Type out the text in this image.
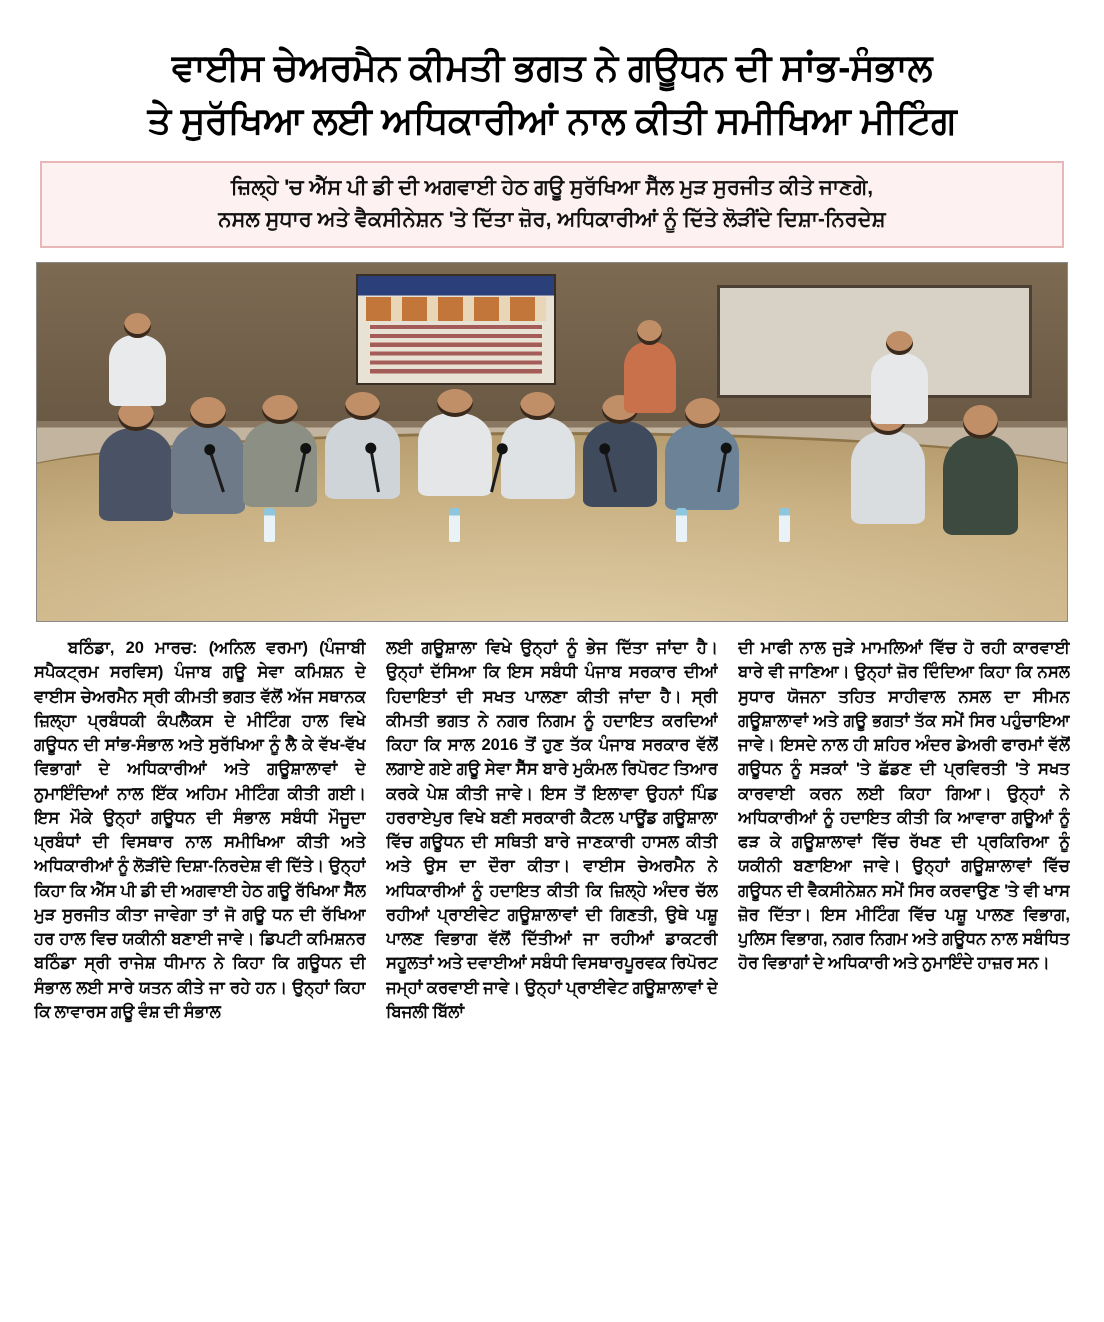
ਵਾਈਸ ਚੇਅਰਮੈਨ ਕੀਮਤੀ ਭਗਤ ਨੇ ਗਊਧਨ ਦੀ ਸਾਂਭ-ਸੰਭਾਲ
ਤੇ ਸੁਰੱਖਿਆ ਲਈ ਅਧਿਕਾਰੀਆਂ ਨਾਲ ਕੀਤੀ ਸਮੀਖਿਆ ਮੀਟਿੰਗ
ਜ਼ਿਲ੍ਹੇ 'ਚ ਐੱਸ ਪੀ ਡੀ ਦੀ ਅਗਵਾਈ ਹੇਠ ਗਊ ਸੁਰੱਖਿਆ ਸੈੱਲ ਮੁੜ ਸੁਰਜੀਤ ਕੀਤੇ ਜਾਣਗੇ,
ਨਸਲ ਸੁਧਾਰ ਅਤੇ ਵੈਕਸੀਨੇਸ਼ਨ 'ਤੇ ਦਿੱਤਾ ਜ਼ੋਰ, ਅਧਿਕਾਰੀਆਂ ਨੂੰ ਦਿੱਤੇ ਲੋੜੀਂਦੇ ਦਿਸ਼ਾ-ਨਿਰਦੇਸ਼

ਬਠਿੰਡਾ, 20 ਮਾਰਚ: (ਅਨਿਲ ਵਰਮਾ) (ਪੰਜਾਬੀ ਸਪੈਕਟ੍ਰਮ ਸਰਵਿਸ) ਪੰਜਾਬ ਗਊ ਸੇਵਾ ਕਮਿਸ਼ਨ ਦੇ ਵਾਈਸ ਚੇਅਰਮੈਨ ਸ੍ਰੀ ਕੀਮਤੀ ਭਗਤ ਵੱਲੋਂ ਅੱਜ ਸਥਾਨਕ ਜ਼ਿਲ੍ਹਾ ਪ੍ਰਬੰਧਕੀ ਕੰਪਲੈਕਸ ਦੇ ਮੀਟਿੰਗ ਹਾਲ ਵਿਖੇ ਗਊਧਨ ਦੀ ਸਾਂਭ-ਸੰਭਾਲ ਅਤੇ ਸੁਰੱਖਿਆ ਨੂੰ ਲੈ ਕੇ ਵੱਖ-ਵੱਖ ਵਿਭਾਗਾਂ ਦੇ ਅਧਿਕਾਰੀਆਂ ਅਤੇ ਗਊਸ਼ਾਲਾਵਾਂ ਦੇ ਨੁਮਾਇੰਦਿਆਂ ਨਾਲ ਇੱਕ ਅਹਿਮ ਮੀਟਿੰਗ ਕੀਤੀ ਗਈ। ਇਸ ਮੌਕੇ ਉਨ੍ਹਾਂ ਗਊਧਨ ਦੀ ਸੰਭਾਲ ਸਬੰਧੀ ਮੌਜੂਦਾ ਪ੍ਰਬੰਧਾਂ ਦੀ ਵਿਸਥਾਰ ਨਾਲ ਸਮੀਖਿਆ ਕੀਤੀ ਅਤੇ ਅਧਿਕਾਰੀਆਂ ਨੂੰ ਲੋੜੀਂਦੇ ਦਿਸ਼ਾ-ਨਿਰਦੇਸ਼ ਵੀ ਦਿੱਤੇ। ਉਨ੍ਹਾਂ ਕਿਹਾ ਕਿ ਐੱਸ ਪੀ ਡੀ ਦੀ ਅਗਵਾਈ ਹੇਠ ਗਊ ਰੱਖਿਆ ਸੈੱਲ ਮੁੜ ਸੁਰਜੀਤ ਕੀਤਾ ਜਾਵੇਗਾ ਤਾਂ ਜੋ ਗਊ ਧਨ ਦੀ ਰੱਖਿਆ ਹਰ ਹਾਲ ਵਿਚ ਯਕੀਨੀ ਬਣਾਈ ਜਾਵੇ। ਡਿਪਟੀ ਕਮਿਸ਼ਨਰ ਬਠਿੰਡਾ ਸ੍ਰੀ ਰਾਜੇਸ਼ ਧੀਮਾਨ ਨੇ ਕਿਹਾ ਕਿ ਗਊਧਨ ਦੀ ਸੰਭਾਲ ਲਈ ਸਾਰੇ ਯਤਨ ਕੀਤੇ ਜਾ ਰਹੇ ਹਨ। ਉਨ੍ਹਾਂ ਕਿਹਾ ਕਿ ਲਾਵਾਰਸ ਗਊ ਵੰਸ਼ ਦੀ ਸੰਭਾਲ

ਲਈ ਗਊਸ਼ਾਲਾ ਵਿਖੇ ਉਨ੍ਹਾਂ ਨੂੰ ਭੇਜ ਦਿੱਤਾ ਜਾਂਦਾ ਹੈ। ਉਨ੍ਹਾਂ ਦੱਸਿਆ ਕਿ ਇਸ ਸਬੰਧੀ ਪੰਜਾਬ ਸਰਕਾਰ ਦੀਆਂ ਹਿਦਾਇਤਾਂ ਦੀ ਸਖਤ ਪਾਲਣਾ ਕੀਤੀ ਜਾਂਦਾ ਹੈ। ਸ੍ਰੀ ਕੀਮਤੀ ਭਗਤ ਨੇ ਨਗਰ ਨਿਗਮ ਨੂੰ ਹਦਾਇਤ ਕਰਦਿਆਂ ਕਿਹਾ ਕਿ ਸਾਲ 2016 ਤੋਂ ਹੁਣ ਤੱਕ ਪੰਜਾਬ ਸਰਕਾਰ ਵੱਲੋਂ ਲਗਾਏ ਗਏ ਗਊ ਸੇਵਾ ਸੈੱਸ ਬਾਰੇ ਮੁਕੰਮਲ ਰਿਪੋਰਟ ਤਿਆਰ ਕਰਕੇ ਪੇਸ਼ ਕੀਤੀ ਜਾਵੇ। ਇਸ ਤੋਂ ਇਲਾਵਾ ਉਹਨਾਂ ਪਿੰਡ ਹਰਰਾਏਪੁਰ ਵਿਖੇ ਬਣੀ ਸਰਕਾਰੀ ਕੈਟਲ ਪਾਊਂਡ ਗਊਸ਼ਾਲਾ ਵਿੱਚ ਗਊਧਨ ਦੀ ਸਥਿਤੀ ਬਾਰੇ ਜਾਣਕਾਰੀ ਹਾਸਲ ਕੀਤੀ ਅਤੇ ਉਸ ਦਾ ਦੌਰਾ ਕੀਤਾ। ਵਾਈਸ ਚੇਅਰਮੈਨ ਨੇ ਅਧਿਕਾਰੀਆਂ ਨੂੰ ਹਦਾਇਤ ਕੀਤੀ ਕਿ ਜ਼ਿਲ੍ਹੇ ਅੰਦਰ ਚੱਲ ਰਹੀਆਂ ਪ੍ਰਾਈਵੇਟ ਗਊਸ਼ਾਲਾਵਾਂ ਦੀ ਗਿਣਤੀ, ਉਥੇ ਪਸ਼ੂ ਪਾਲਣ ਵਿਭਾਗ ਵੱਲੋਂ ਦਿੱਤੀਆਂ ਜਾ ਰਹੀਆਂ ਡਾਕਟਰੀ ਸਹੂਲਤਾਂ ਅਤੇ ਦਵਾਈਆਂ ਸਬੰਧੀ ਵਿਸਥਾਰਪੂਰਵਕ ਰਿਪੋਰਟ ਜਮ੍ਹਾਂ ਕਰਵਾਈ ਜਾਵੇ। ਉਨ੍ਹਾਂ ਪ੍ਰਾਈਵੇਟ ਗਊਸ਼ਾਲਾਵਾਂ ਦੇ ਬਿਜਲੀ ਬਿੱਲਾਂ

ਦੀ ਮਾਫੀ ਨਾਲ ਜੁੜੇ ਮਾਮਲਿਆਂ ਵਿੱਚ ਹੋ ਰਹੀ ਕਾਰਵਾਈ ਬਾਰੇ ਵੀ ਜਾਣਿਆ। ਉਨ੍ਹਾਂ ਜ਼ੋਰ ਦਿੰਦਿਆ ਕਿਹਾ ਕਿ ਨਸਲ ਸੁਧਾਰ ਯੋਜਨਾ ਤਹਿਤ ਸਾਹੀਵਾਲ ਨਸਲ ਦਾ ਸੀਮਨ ਗਊਸ਼ਾਲਾਵਾਂ ਅਤੇ ਗਊ ਭਗਤਾਂ ਤੱਕ ਸਮੇਂ ਸਿਰ ਪਹੁੰਚਾਇਆ ਜਾਵੇ। ਇਸਦੇ ਨਾਲ ਹੀ ਸ਼ਹਿਰ ਅੰਦਰ ਡੇਅਰੀ ਫਾਰਮਾਂ ਵੱਲੋਂ ਗਊਧਨ ਨੂੰ ਸੜਕਾਂ 'ਤੇ ਛੱਡਣ ਦੀ ਪ੍ਰਵਿਰਤੀ 'ਤੇ ਸਖਤ ਕਾਰਵਾਈ ਕਰਨ ਲਈ ਕਿਹਾ ਗਿਆ। ਉਨ੍ਹਾਂ ਨੇ ਅਧਿਕਾਰੀਆਂ ਨੂੰ ਹਦਾਇਤ ਕੀਤੀ ਕਿ ਆਵਾਰਾ ਗਊਆਂ ਨੂੰ ਫੜ ਕੇ ਗਊਸ਼ਾਲਾਵਾਂ ਵਿੱਚ ਰੱਖਣ ਦੀ ਪ੍ਰਕਿਰਿਆ ਨੂੰ ਯਕੀਨੀ ਬਣਾਇਆ ਜਾਵੇ। ਉਨ੍ਹਾਂ ਗਊਸ਼ਾਲਾਵਾਂ ਵਿੱਚ ਗਊਧਨ ਦੀ ਵੈਕਸੀਨੇਸ਼ਨ ਸਮੇਂ ਸਿਰ ਕਰਵਾਉਣ 'ਤੇ ਵੀ ਖਾਸ ਜ਼ੋਰ ਦਿੱਤਾ। ਇਸ ਮੀਟਿੰਗ ਵਿੱਚ ਪਸ਼ੂ ਪਾਲਣ ਵਿਭਾਗ, ਪੁਲਿਸ ਵਿਭਾਗ, ਨਗਰ ਨਿਗਮ ਅਤੇ ਗਊਧਨ ਨਾਲ ਸਬੰਧਿਤ ਹੋਰ ਵਿਭਾਗਾਂ ਦੇ ਅਧਿਕਾਰੀ ਅਤੇ ਨੁਮਾਇੰਦੇ ਹਾਜ਼ਰ ਸਨ।
